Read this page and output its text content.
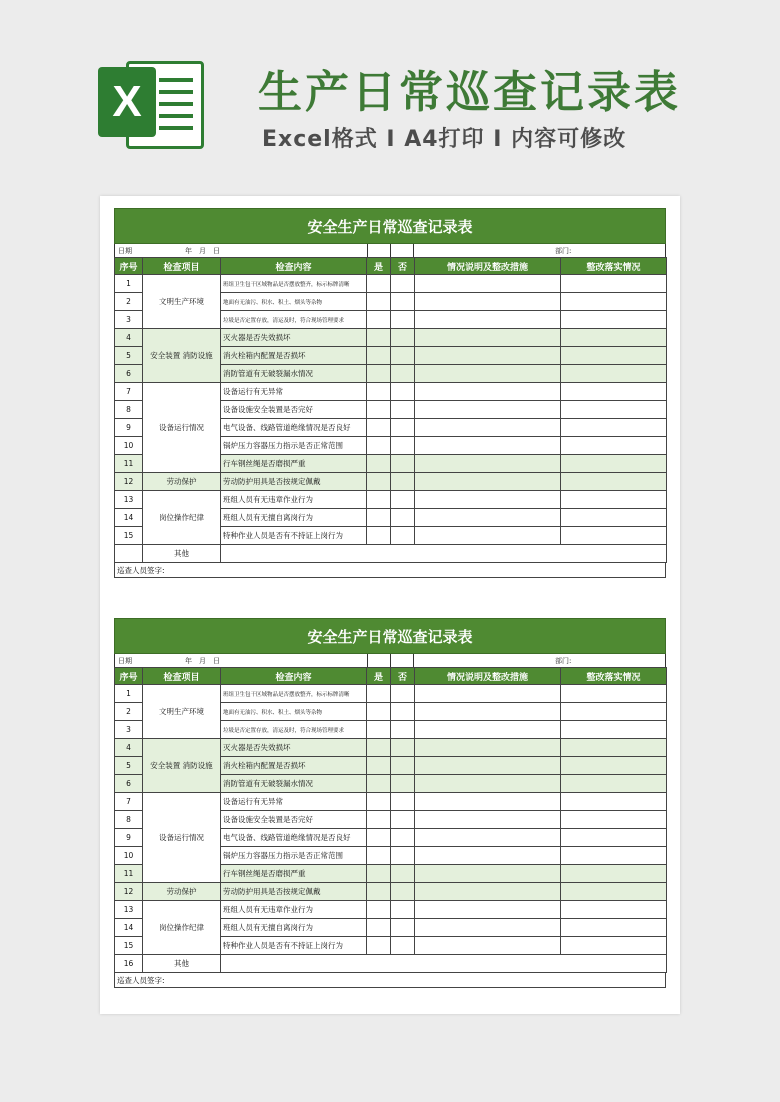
X	生产日常巡查记录表
Excel格式 I A4打印 I 内容可修改
安全生产日常巡查记录表
日期	年　月　日	部门:
序号	检查项目	检查内容	是	否	情况说明及整改措施	整改落实情况
1	文明生产环境	班组卫生包干区域物品是否摆放整齐，标示标牌清晰				
2		地面有无油污、积水、积土、烟头等杂物				
3		垃圾是否定置存放，清运及时，符合现场管理要求				
4	安全装置 消防设施	灭火器是否失效损坏				
5		消火栓箱内配置是否损坏				
6		消防管道有无破裂漏水情况				
7	设备运行情况	设备运行有无异常				
8		设备设施安全装置是否完好				
9		电气设备、线路管道绝缘情况是否良好				
10		锅炉压力容器压力指示是否正常范围				
11		行车钢丝绳是否磨损严重				
12	劳动保护	劳动防护用具是否按规定佩戴				
13	岗位操作纪律	班组人员有无违章作业行为				
14		班组人员有无擅自离岗行为				
15		特种作业人员是否有不持证上岗行为				
	其他					
巡查人员签字:
安全生产日常巡查记录表
日期	年　月　日	部门:
序号	检查项目	检查内容	是	否	情况说明及整改措施	整改落实情况
1	文明生产环境	班组卫生包干区域物品是否摆放整齐，标示标牌清晰				
2		地面有无油污、积水、积土、烟头等杂物				
3		垃圾是否定置存放，清运及时，符合现场管理要求				
4	安全装置 消防设施	灭火器是否失效损坏				
5		消火栓箱内配置是否损坏				
6		消防管道有无破裂漏水情况				
7	设备运行情况	设备运行有无异常				
8		设备设施安全装置是否完好				
9		电气设备、线路管道绝缘情况是否良好				
10		锅炉压力容器压力指示是否正常范围				
11		行车钢丝绳是否磨损严重				
12	劳动保护	劳动防护用具是否按规定佩戴				
13	岗位操作纪律	班组人员有无违章作业行为				
14		班组人员有无擅自离岗行为				
15		特种作业人员是否有不持证上岗行为				
16	其他					
巡查人员签字:
